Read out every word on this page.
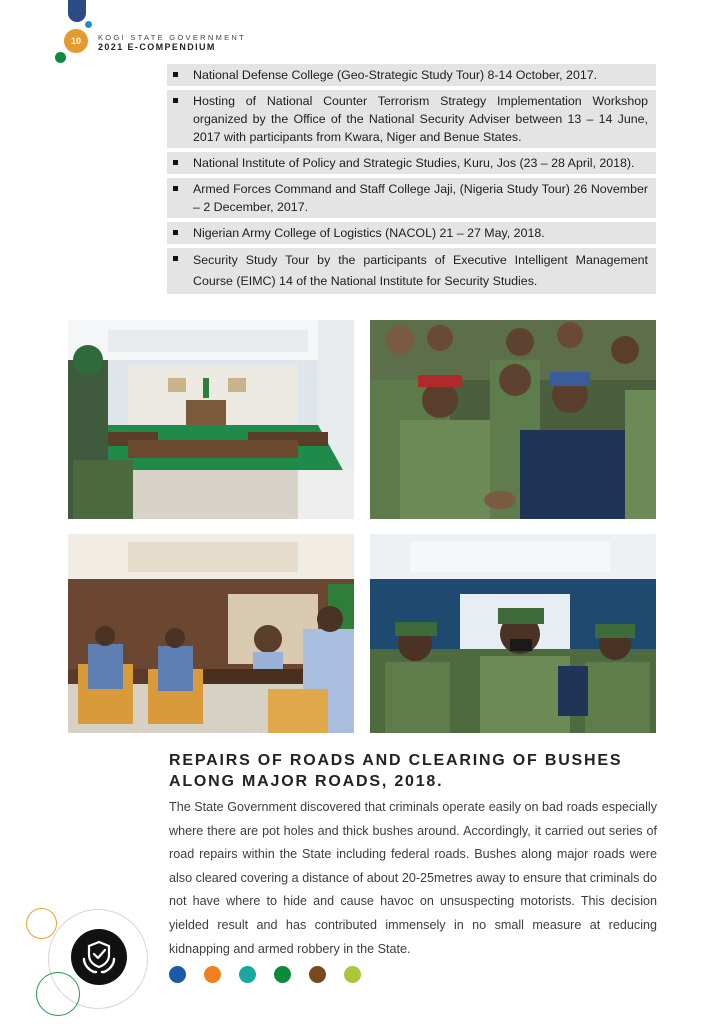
10	KOGI STATE GOVERNMENT
2021 E-COMPENDIUM
National Defense College (Geo-Strategic Study Tour) 8-14 October, 2017.
Hosting of National Counter Terrorism Strategy Implementation Workshop organized by the Office of the National Security Adviser between 13 – 14 June, 2017 with participants from Kwara, Niger and Benue States.
National Institute of Policy and Strategic Studies, Kuru, Jos (23 – 28 April, 2018).
Armed Forces Command and Staff College Jaji, (Nigeria Study Tour) 26 November – 2 December, 2017.
Nigerian Army College of Logistics (NACOL) 21 – 27 May, 2018.
Security Study Tour by the participants of Executive Intelligent Management Course (EIMC) 14 of the National Institute for Security Studies.
REPAIRS OF ROADS AND CLEARING OF BUSHES ALONG MAJOR ROADS, 2018.
The State Government discovered that criminals operate easily on bad roads especially where there are pot holes and thick bushes around. Accordingly, it carried out series of road repairs within the State including federal roads. Bushes along major roads were also cleared covering a distance of about 20-25metres away to ensure that criminals do not have where to hide and cause havoc on unsuspecting motorists. This decision yielded result and has contributed immensely in no small measure at reducing kidnapping and armed robbery in the State.
